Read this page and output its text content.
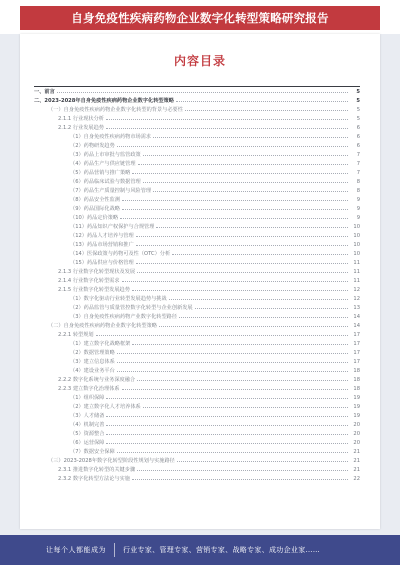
自身免疫性疾病药物企业数字化转型策略研究报告
内容目录
一、前言	5
二、2023-2028年自身免疫性疾病药物企业数字化转型策略	5
（一）自身免疫性疾病药物企业数字化转型的背景与必要性	5
2.1.1 行业现状分析	5
2.1.2 行业发展趋势	6
（1）自身免疫性疾病药物市场需求	6
（2）药物研发趋势	6
（3）药品上市审批与监管政策	7
（4）药品生产与供应链管理	7
（5）药品营销与推广策略	7
（6）药品临床试验与数据管理	8
（7）药品生产质量控制与风险管理	8
（8）药品安全性监测	9
（9）药品国际化战略	9
（10）药品定价策略	9
（11）药品知识产权保护与合规管理	10
（12）药品人才培养与管理	10
（13）药品市场营销和推广	10
（14）医保政策与药物可及性（OTC）分析	10
（15）药品供应与价格管理	11
2.1.3 行业数字化转型现状及发展	11
2.1.4 行业数字化转型需求	11
2.1.5 行业数字化转型发展趋势	12
（1）数字化驱动行业转型发展趋势与挑战	12
（2）药品监管与质量管控数字化转型与企业创新发展	13
（3）自身免疫性疾病药物产业数字化转型路径	14
（二）自身免疫性疾病药物企业数字化转型策略	14
2.2.1 转型规划	17
（1）建立数字化战略框架	17
（2）数据管理策略	17
（3）建立信息体系	17
（4）建设业务平台	18
2.2.2 数字化系统与业务深度融合	18
2.2.3 建立数字化治理体系	18
（1）组织保障	19
（2）建立数字化人才培养体系	19
（3）人才储备	19
（4）机制完善	20
（5）资源整合	20
（6）运营保障	20
（7）数据安全保障	21
（三）2023-2028年数字化转型阶段性规划与实施路径	21
2.3.1 推进数字化转型的关键步骤	21
2.3.2 数字化转型方法论与实施	22
让每个人都能成为 行业专家、管理专家、营销专家、战略专家、成功企业家……
